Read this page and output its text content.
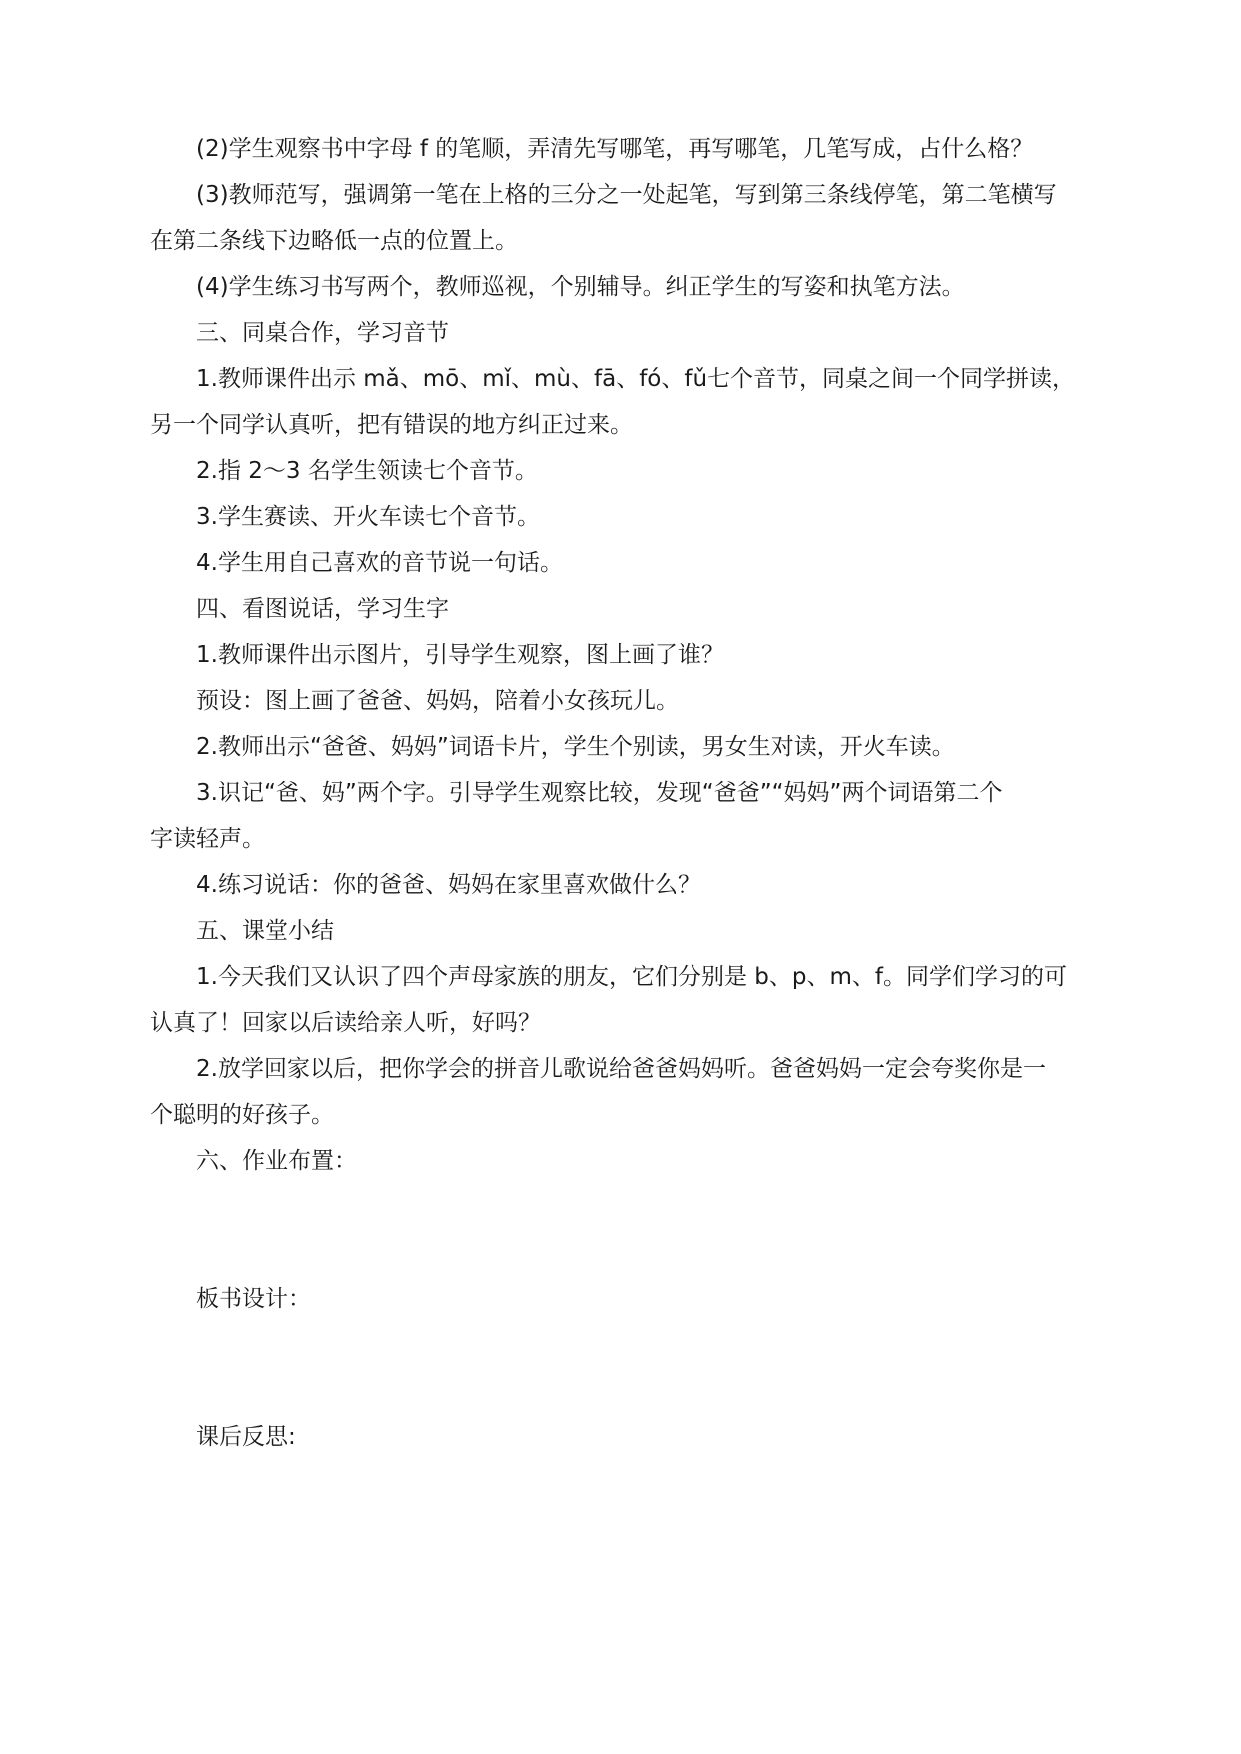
(2)学生观察书中字母 f 的笔顺，弄清先写哪笔，再写哪笔，几笔写成，占什么格？

(3)教师范写，强调第一笔在上格的三分之一处起笔，写到第三条线停笔，第二笔横写
在第二条线下边略低一点的位置上。

(4)学生练习书写两个，教师巡视，个别辅导。纠正学生的写姿和执笔方法。

三、同桌合作，学习音节

1.教师课件出示 mǎ、mō、mǐ、mù、fā、fó、fǔ七个音节，同桌之间一个同学拼读，
另一个同学认真听，把有错误的地方纠正过来。

2.指 2～3 名学生领读七个音节。

3.学生赛读、开火车读七个音节。

4.学生用自己喜欢的音节说一句话。

四、看图说话，学习生字

1.教师课件出示图片，引导学生观察，图上画了谁？

预设：图上画了爸爸、妈妈，陪着小女孩玩儿。

2.教师出示“爸爸、妈妈”词语卡片，学生个别读，男女生对读，开火车读。

3.识记“爸、妈”两个字。引导学生观察比较，发现“爸爸”“妈妈”两个词语第二个
字读轻声。

4.练习说话：你的爸爸、妈妈在家里喜欢做什么？

五、课堂小结

1.今天我们又认识了四个声母家族的朋友，它们分别是 b、p、m、f。同学们学习的可
认真了！回家以后读给亲人听，好吗？

2.放学回家以后，把你学会的拼音儿歌说给爸爸妈妈听。爸爸妈妈一定会夸奖你是一
个聪明的好孩子。

六、作业布置：

板书设计：

课后反思:
